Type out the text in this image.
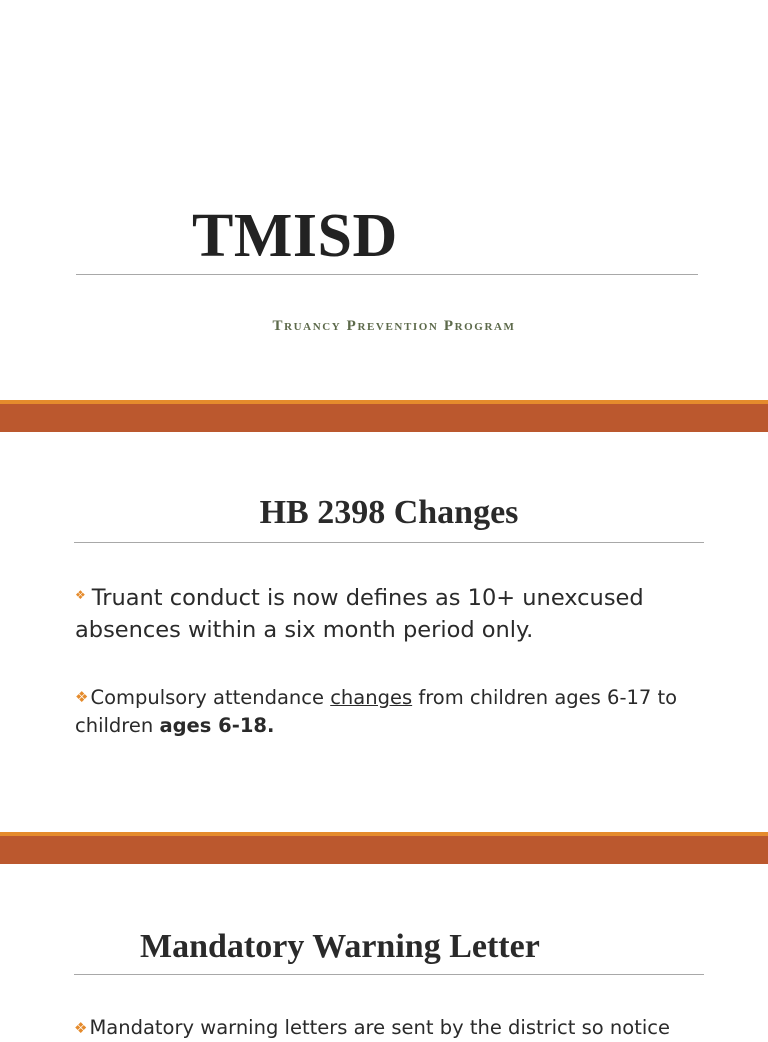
TMISD
Truancy Prevention Program
HB 2398 Changes
❖ Truant conduct is now defines as 10+ unexcused absences within a six month period only.
❖ Compulsory attendance changes from children ages 6-17 to children ages 6-18.
Mandatory Warning Letter
❖ Mandatory warning letters are sent by the district so notice
